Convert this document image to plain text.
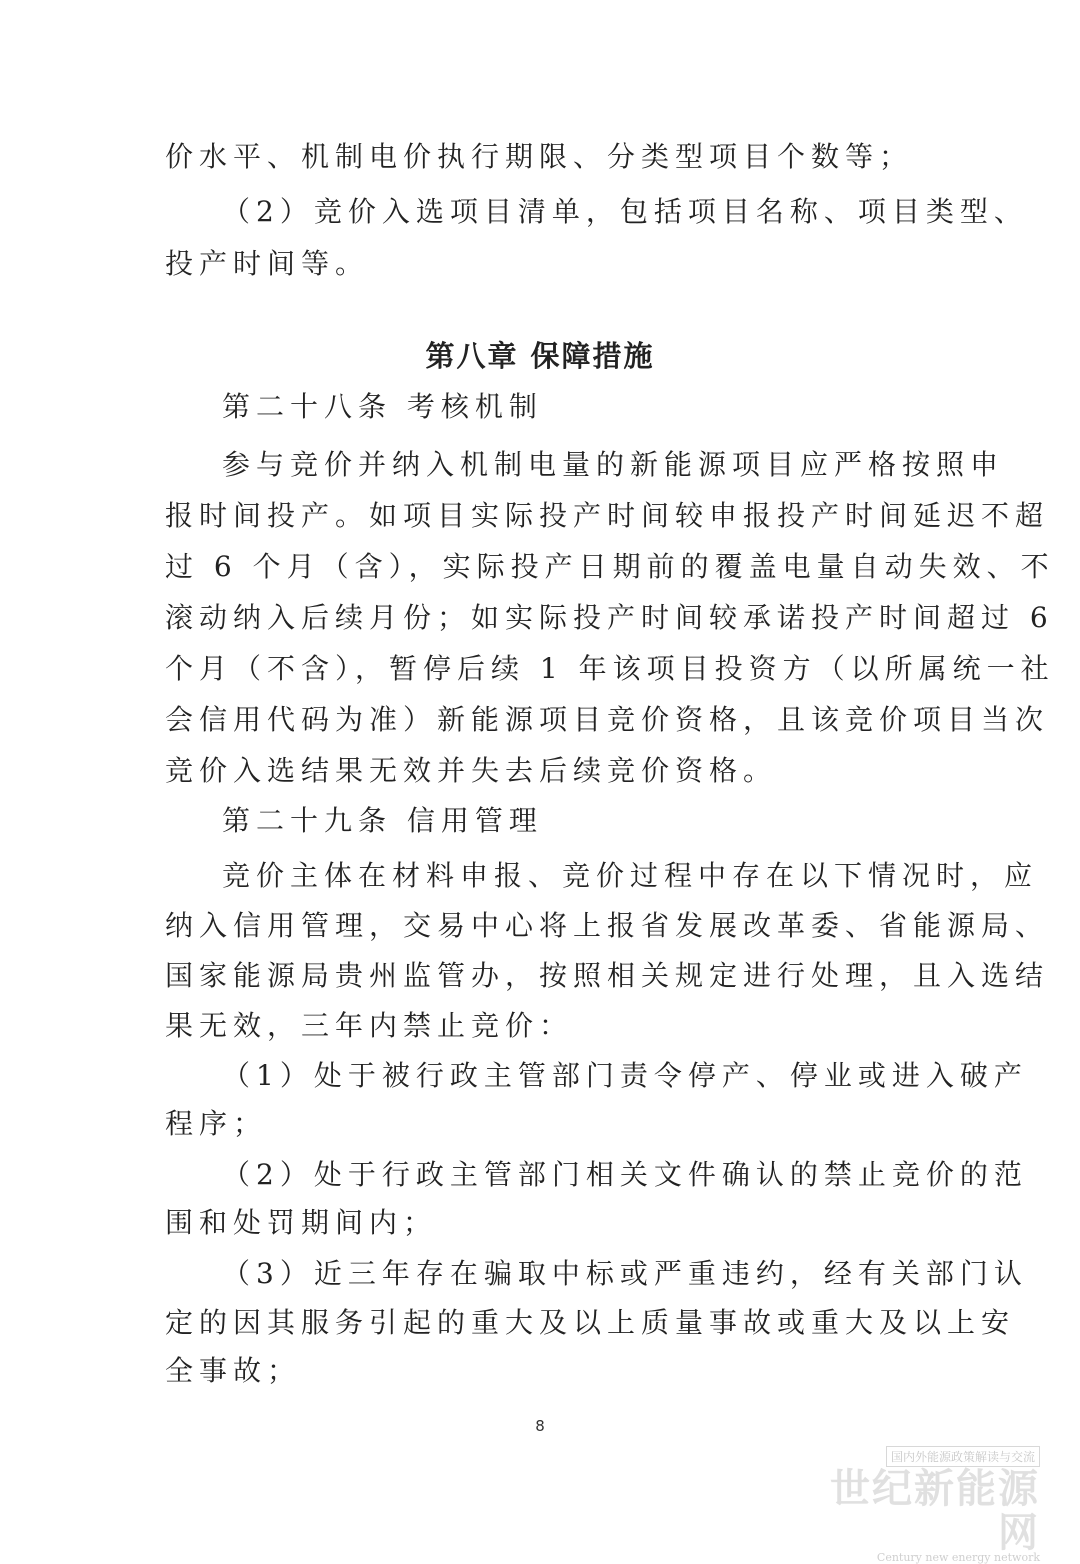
价水平、机制电价执行期限、分类型项目个数等；
（2）竞价入选项目清单，包括项目名称、项目类型、
投产时间等。
第八章 保障措施
第二十八条 考核机制
参与竞价并纳入机制电量的新能源项目应严格按照申
报时间投产。如项目实际投产时间较申报投产时间延迟不超
过 6 个月（含），实际投产日期前的覆盖电量自动失效、不
滚动纳入后续月份；如实际投产时间较承诺投产时间超过 6
个月（不含），暂停后续 1 年该项目投资方（以所属统一社
会信用代码为准）新能源项目竞价资格，且该竞价项目当次
竞价入选结果无效并失去后续竞价资格。
第二十九条 信用管理
竞价主体在材料申报、竞价过程中存在以下情况时，应
纳入信用管理，交易中心将上报省发展改革委、省能源局、
国家能源局贵州监管办，按照相关规定进行处理，且入选结
果无效，三年内禁止竞价：
（1）处于被行政主管部门责令停产、停业或进入破产
程序；
（2）处于行政主管部门相关文件确认的禁止竞价的范
围和处罚期间内；
（3）近三年存在骗取中标或严重违约，经有关部门认
定的因其服务引起的重大及以上质量事故或重大及以上安
全事故；
8
国内外能源政策解读与交流
世纪新能源网
Century new energy network
